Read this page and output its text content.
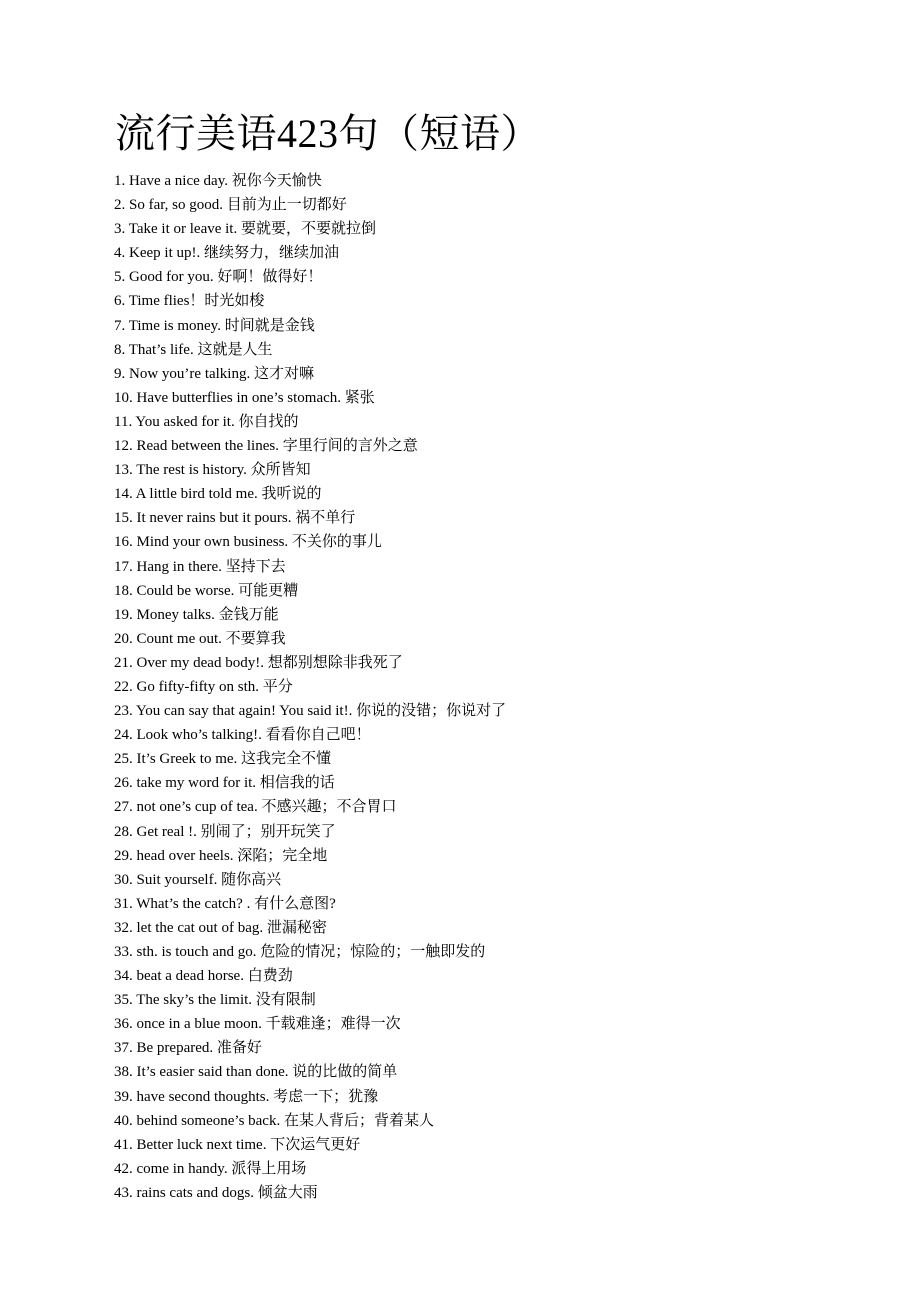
流行美语423句（短语）
1. Have a nice day. 祝你今天愉快
2. So far, so good. 目前为止一切都好
3. Take it or leave it. 要就要，不要就拉倒
4. Keep it up!. 继续努力，继续加油
5. Good for you. 好啊！做得好！
6. Time flies！时光如梭
7. Time is money. 时间就是金钱
8. That’s life. 这就是人生
9. Now you’re talking. 这才对嘛
10. Have butterflies in one’s stomach. 紧张
11. You asked for it. 你自找的
12. Read between the lines. 字里行间的言外之意
13. The rest is history. 众所皆知
14. A little bird told me. 我听说的
15. It never rains but it pours. 祸不单行
16. Mind your own business. 不关你的事儿
17. Hang in there. 坚持下去
18. Could be worse. 可能更糟
19. Money talks. 金钱万能
20. Count me out. 不要算我
21. Over my dead body!. 想都别想除非我死了
22. Go fifty-fifty on sth. 平分
23. You can say that again! You said it!. 你说的没错；你说对了
24. Look who’s talking!. 看看你自己吧！
25. It’s Greek to me. 这我完全不懂
26. take my word for it. 相信我的话
27. not one’s cup of tea. 不感兴趣；不合胃口
28. Get real !. 别闹了；别开玩笑了
29. head over heels. 深陷；完全地
30. Suit yourself. 随你高兴
31. What’s the catch? . 有什么意图?
32. let the cat out of bag. 泄漏秘密
33. sth. is touch and go. 危险的情况；惊险的；一触即发的
34. beat a dead horse. 白费劲
35. The sky’s the limit. 没有限制
36. once in a blue moon. 千载难逢；难得一次
37. Be prepared. 准备好
38. It’s easier said than done. 说的比做的简单
39. have second thoughts. 考虑一下；犹豫
40. behind someone’s back. 在某人背后；背着某人
41. Better luck next time. 下次运气更好
42. come in handy. 派得上用场
43. rains cats and dogs. 倾盆大雨
